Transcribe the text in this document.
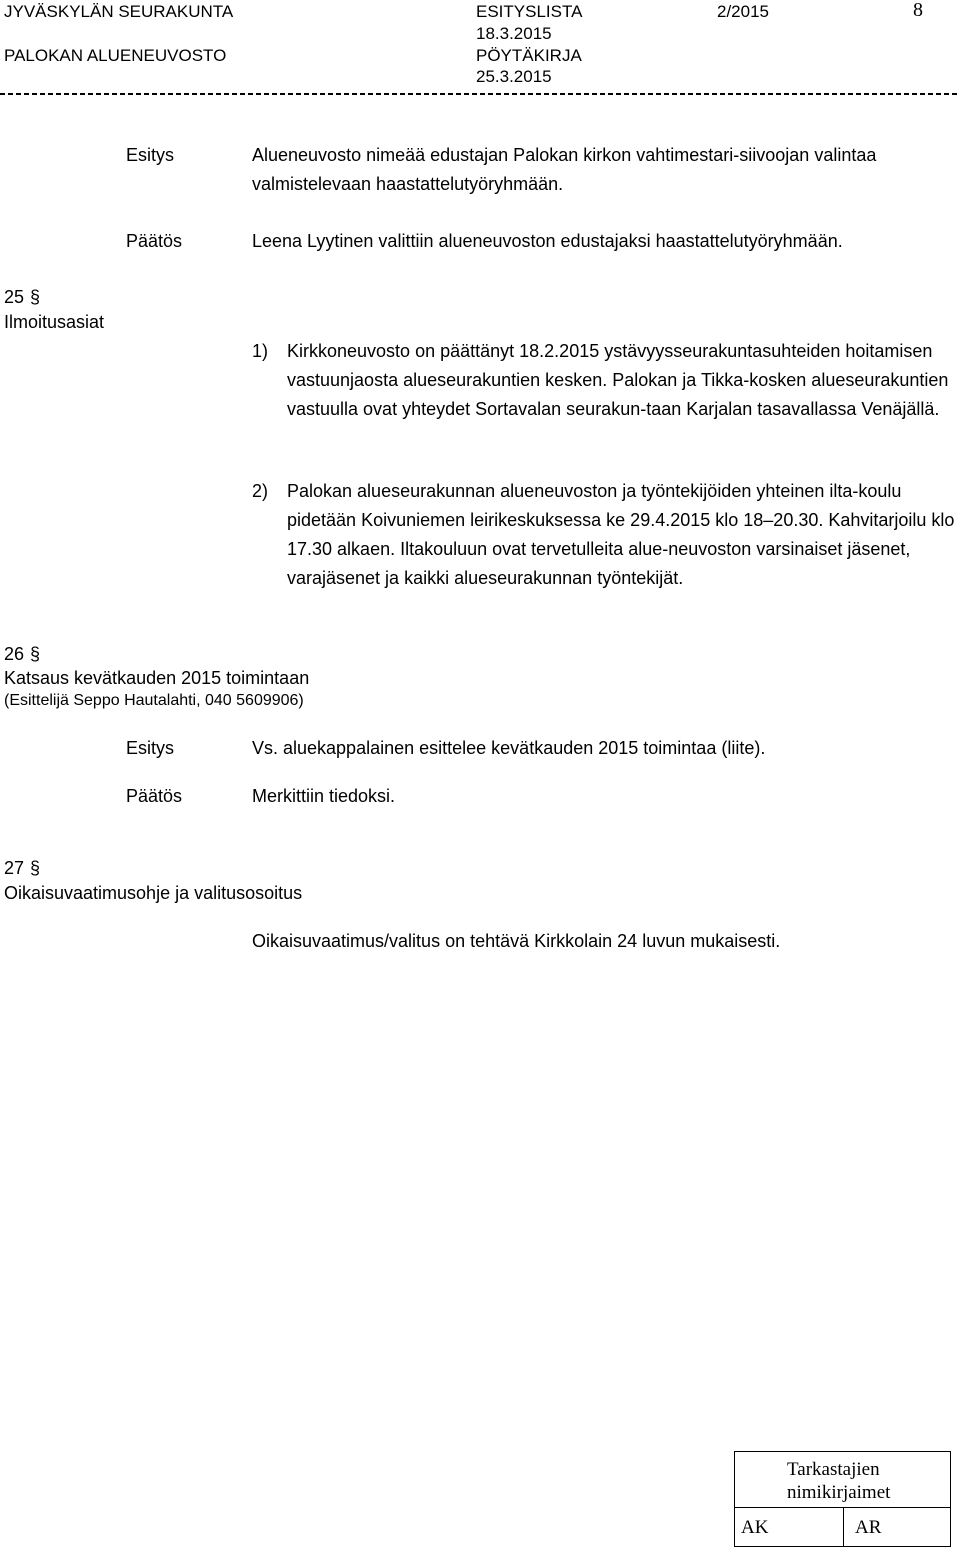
JYVÄSKYLÄN SEURAKUNTA	ESITYSLISTA	2/2015	8
18.3.2015
PALOKAN ALUENEUVOSTO	PÖYTÄKIRJA
25.3.2015
Esitys	Alueneuvosto nimeää edustajan Palokan kirkon vahtimestari-siivoojan valintaa valmistelevaan haastattelutyöryhmään.
Päätös	Leena Lyytinen valittiin alueneuvoston edustajaksi haastattelutyöryhmään.
25 §
Ilmoitusasiat
1) Kirkkoneuvosto on päättänyt 18.2.2015 ystävyysseurakuntasuhteiden hoitamisen vastuunjaosta alueseurakuntien kesken. Palokan ja Tikka-kosken alueseurakuntien vastuulla ovat yhteydet Sortavalan seurakun-taan Karjalan tasavallassa Venäjällä.
2) Palokan alueseurakunnan alueneuvoston ja työntekijöiden yhteinen ilta-koulu pidetään Koivuniemen leirikeskuksessa ke 29.4.2015 klo 18–20.30. Kahvitarjoilu klo 17.30 alkaen. Iltakouluun ovat tervetulleita alue-neuvoston varsinaiset jäsenet, varajäsenet ja kaikki alueseurakunnan työntekijät.
26 §
Katsaus kevätkauden 2015 toimintaan
(Esittelijä Seppo Hautalahti, 040 5609906)
Esitys	Vs. aluekappalainen esittelee kevätkauden 2015 toimintaa (liite).
Päätös	Merkittiin tiedoksi.
27 §
Oikaisuvaatimusohje ja valitusosoitus
Oikaisuvaatimus/valitus on tehtävä Kirkkolain 24 luvun mukaisesti.
Tarkastajien nimikirjaimet
AK	AR
